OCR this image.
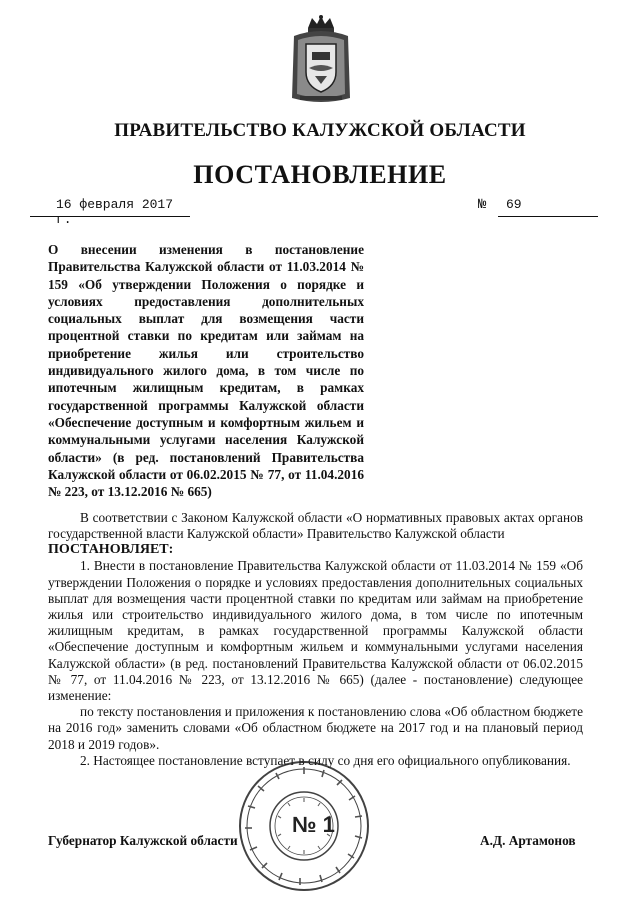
ПРАВИТЕЛЬСТВО КАЛУЖСКОЙ ОБЛАСТИ
ПОСТАНОВЛЕНИЕ
16 февраля 2017 г.
№ 69
О внесении изменения в постановление Правительства Калужской области от 11.03.2014 № 159 «Об утверждении Положения о порядке и условиях предоставления дополнительных социальных выплат для возмещения части процентной ставки по кредитам или займам на приобретение жилья или строительство индивидуального жилого дома, в том числе по ипотечным жилищным кредитам, в рамках государственной программы Калужской области «Обеспечение доступным и комфортным жильем и коммунальными услугами населения Калужской области» (в ред. постановлений Правительства Калужской области от 06.02.2015 № 77, от 11.04.2016 № 223, от 13.12.2016 № 665)

В соответствии с Законом Калужской области «О нормативных правовых актах органов государственной власти Калужской области» Правительство Калужской области

ПОСТАНОВЛЯЕТ:

1. Внести в постановление Правительства Калужской области от 11.03.2014 № 159 «Об утверждении Положения о порядке и условиях предоставления дополнительных социальных выплат для возмещения части процентной ставки по кредитам или займам на приобретение жилья или строительство индивидуального жилого дома, в том числе по ипотечным жилищным кредитам, в рамках государственной программы Калужской области «Обеспечение доступным и комфортным жильем и коммунальными услугами населения Калужской области» (в ред. постановлений Правительства Калужской области от 06.02.2015 № 77, от 11.04.2016 № 223, от 13.12.2016 № 665) (далее - постановление) следующее изменение:

по тексту постановления и приложения к постановлению слова «Об областном бюджете на 2016 год» заменить словами «Об областном бюджете на 2017 год и на плановый период 2018 и 2019 годов».

2. Настоящее постановление вступает в силу со дня его официального опубликования.

№ 1
Губернатор Калужской области	А.Д. Артамонов
